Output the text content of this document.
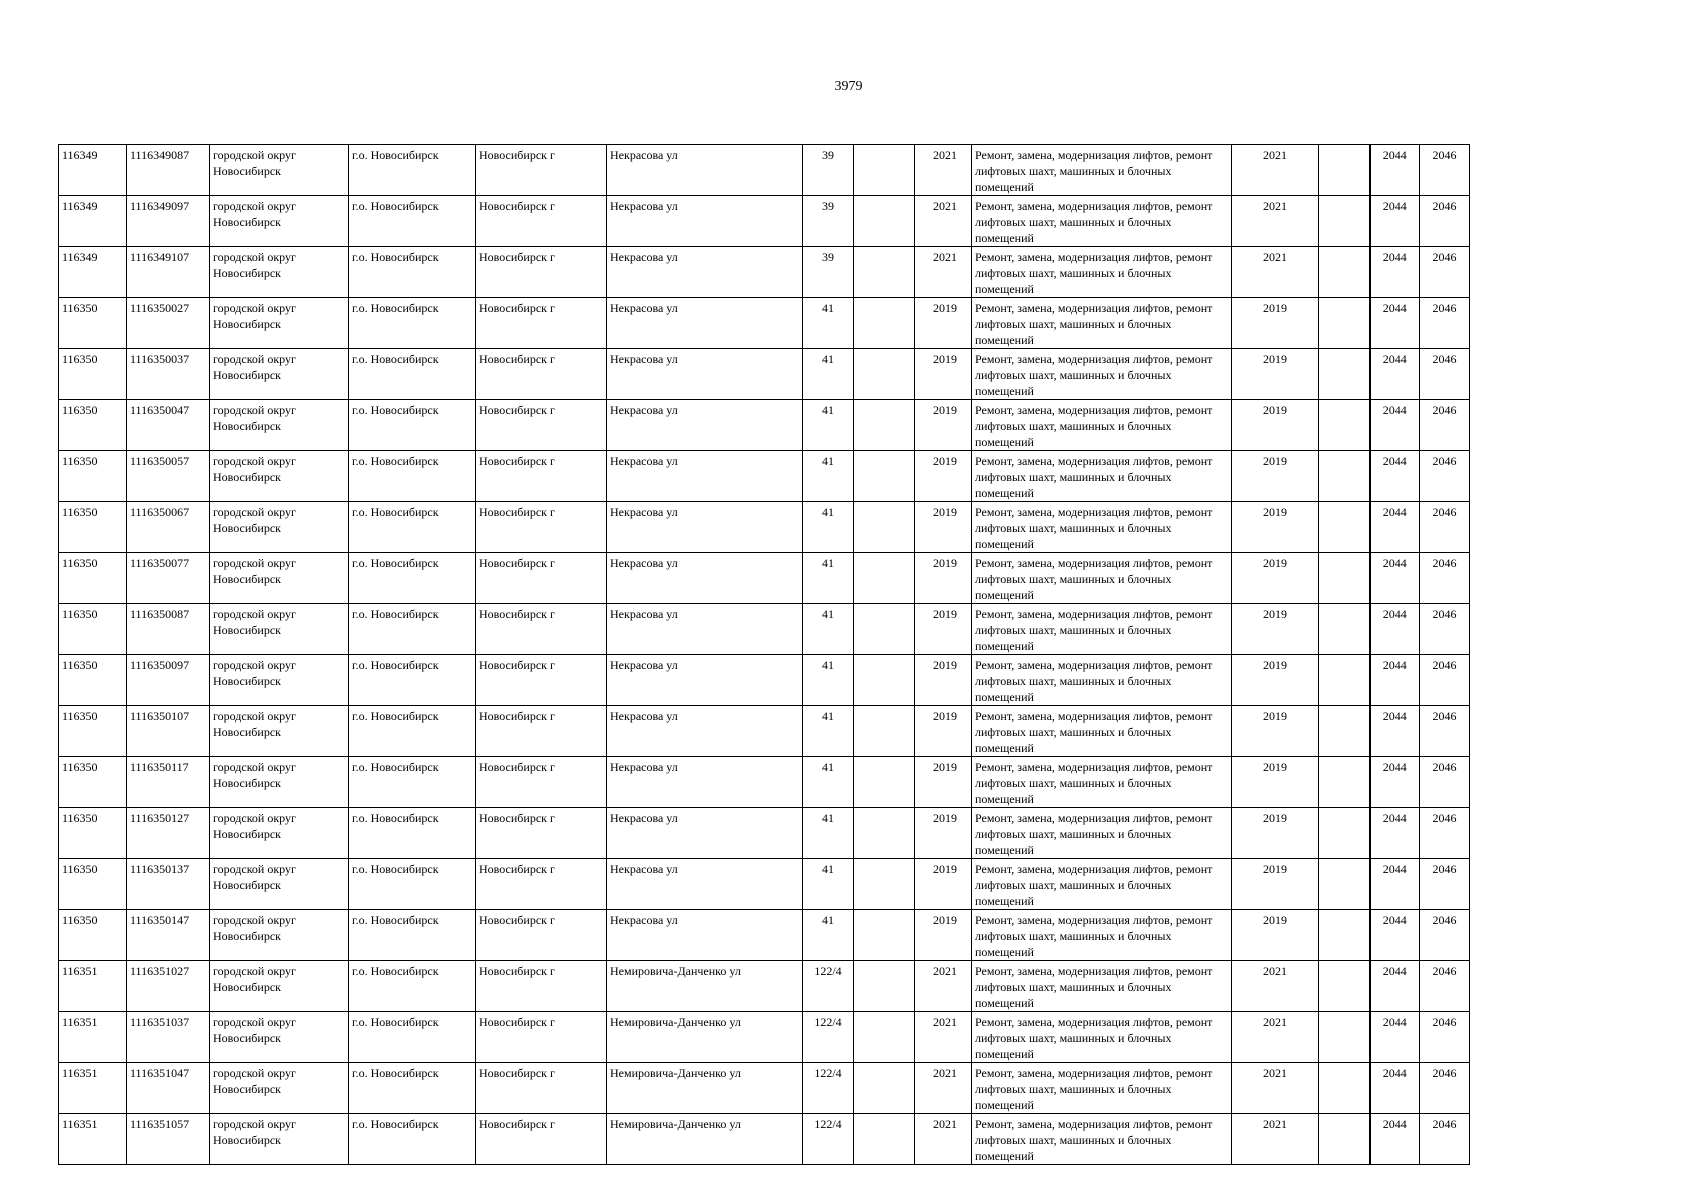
3979
116349	1116349087	городской округ Новосибирск	г.о. Новосибирск	Новосибирск г	Некрасова ул	39		2021	Ремонт, замена, модернизация лифтов, ремонт лифтовых шахт, машинных и блочных помещений	2021		2044	2046
116349	1116349097	городской округ Новосибирск	г.о. Новосибирск	Новосибирск г	Некрасова ул	39		2021	Ремонт, замена, модернизация лифтов, ремонт лифтовых шахт, машинных и блочных помещений	2021		2044	2046
116349	1116349107	городской округ Новосибирск	г.о. Новосибирск	Новосибирск г	Некрасова ул	39		2021	Ремонт, замена, модернизация лифтов, ремонт лифтовых шахт, машинных и блочных помещений	2021		2044	2046
116350	1116350027	городской округ Новосибирск	г.о. Новосибирск	Новосибирск г	Некрасова ул	41		2019	Ремонт, замена, модернизация лифтов, ремонт лифтовых шахт, машинных и блочных помещений	2019		2044	2046
116350	1116350037	городской округ Новосибирск	г.о. Новосибирск	Новосибирск г	Некрасова ул	41		2019	Ремонт, замена, модернизация лифтов, ремонт лифтовых шахт, машинных и блочных помещений	2019		2044	2046
116350	1116350047	городской округ Новосибирск	г.о. Новосибирск	Новосибирск г	Некрасова ул	41		2019	Ремонт, замена, модернизация лифтов, ремонт лифтовых шахт, машинных и блочных помещений	2019		2044	2046
116350	1116350057	городской округ Новосибирск	г.о. Новосибирск	Новосибирск г	Некрасова ул	41		2019	Ремонт, замена, модернизация лифтов, ремонт лифтовых шахт, машинных и блочных помещений	2019		2044	2046
116350	1116350067	городской округ Новосибирск	г.о. Новосибирск	Новосибирск г	Некрасова ул	41		2019	Ремонт, замена, модернизация лифтов, ремонт лифтовых шахт, машинных и блочных помещений	2019		2044	2046
116350	1116350077	городской округ Новосибирск	г.о. Новосибирск	Новосибирск г	Некрасова ул	41		2019	Ремонт, замена, модернизация лифтов, ремонт лифтовых шахт, машинных и блочных помещений	2019		2044	2046
116350	1116350087	городской округ Новосибирск	г.о. Новосибирск	Новосибирск г	Некрасова ул	41		2019	Ремонт, замена, модернизация лифтов, ремонт лифтовых шахт, машинных и блочных помещений	2019		2044	2046
116350	1116350097	городской округ Новосибирск	г.о. Новосибирск	Новосибирск г	Некрасова ул	41		2019	Ремонт, замена, модернизация лифтов, ремонт лифтовых шахт, машинных и блочных помещений	2019		2044	2046
116350	1116350107	городской округ Новосибирск	г.о. Новосибирск	Новосибирск г	Некрасова ул	41		2019	Ремонт, замена, модернизация лифтов, ремонт лифтовых шахт, машинных и блочных помещений	2019		2044	2046
116350	1116350117	городской округ Новосибирск	г.о. Новосибирск	Новосибирск г	Некрасова ул	41		2019	Ремонт, замена, модернизация лифтов, ремонт лифтовых шахт, машинных и блочных помещений	2019		2044	2046
116350	1116350127	городской округ Новосибирск	г.о. Новосибирск	Новосибирск г	Некрасова ул	41		2019	Ремонт, замена, модернизация лифтов, ремонт лифтовых шахт, машинных и блочных помещений	2019		2044	2046
116350	1116350137	городской округ Новосибирск	г.о. Новосибирск	Новосибирск г	Некрасова ул	41		2019	Ремонт, замена, модернизация лифтов, ремонт лифтовых шахт, машинных и блочных помещений	2019		2044	2046
116350	1116350147	городской округ Новосибирск	г.о. Новосибирск	Новосибирск г	Некрасова ул	41		2019	Ремонт, замена, модернизация лифтов, ремонт лифтовых шахт, машинных и блочных помещений	2019		2044	2046
116351	1116351027	городской округ Новосибирск	г.о. Новосибирск	Новосибирск г	Немировича-Данченко ул	122/4		2021	Ремонт, замена, модернизация лифтов, ремонт лифтовых шахт, машинных и блочных помещений	2021		2044	2046
116351	1116351037	городской округ Новосибирск	г.о. Новосибирск	Новосибирск г	Немировича-Данченко ул	122/4		2021	Ремонт, замена, модернизация лифтов, ремонт лифтовых шахт, машинных и блочных помещений	2021		2044	2046
116351	1116351047	городской округ Новосибирск	г.о. Новосибирск	Новосибирск г	Немировича-Данченко ул	122/4		2021	Ремонт, замена, модернизация лифтов, ремонт лифтовых шахт, машинных и блочных помещений	2021		2044	2046
116351	1116351057	городской округ Новосибирск	г.о. Новосибирск	Новосибирск г	Немировича-Данченко ул	122/4		2021	Ремонт, замена, модернизация лифтов, ремонт лифтовых шахт, машинных и блочных помещений	2021		2044	2046
